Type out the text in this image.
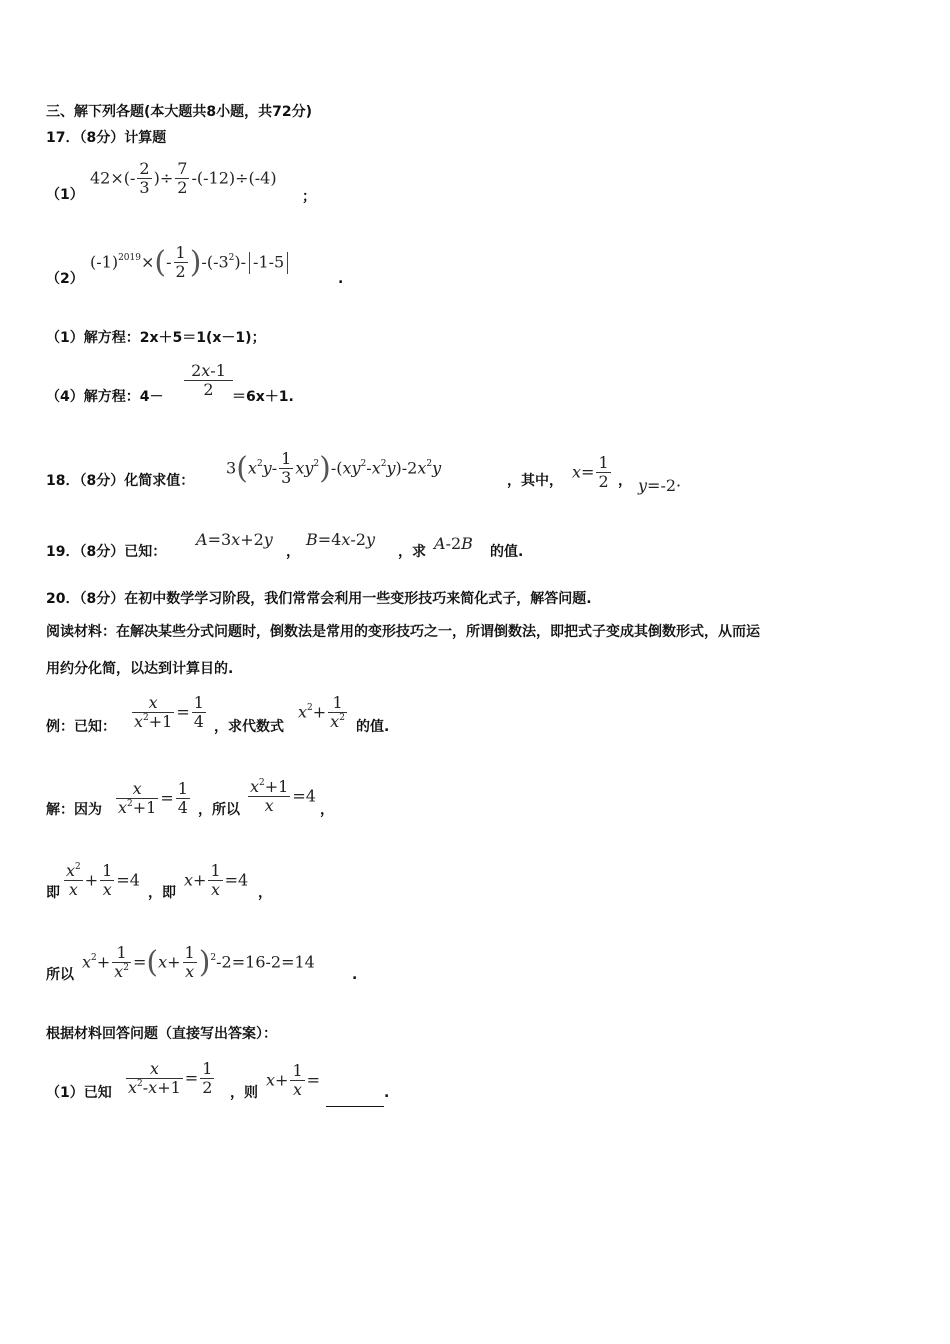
三、解下列各题(本大题共8小题，共72分)
17．（8分）计算题
（1）
$42\times(- \frac{2}{3}$ )÷ $\frac{7}{2} -(-12)\div(-4)$
；
（2）
$(-1)^{2019}\times(- \frac{1}{2} )-(-3^2)-$ -1-5
.
（1）解方程：2x＋5＝1(x－1)；
（4）解方程：$4- \frac{2x-1}{2} =6x+1$.
18．（8分）化简求值：
$3(x^2y- \frac{1}{3} xy^2)-(xy^2-x^2y)-2x^2y$
，其中， $x= \frac{1}{2}$ ， y=-2·
19．（8分）已知：
A=3x+2y
，
B=4x-2y
，求 A-2B 的值.
20．（8分）在初中数学学习阶段，我们常常会利用一些变形技巧来简化式子，解答问题.
阅读材料：在解决某些分式问题时，倒数法是常用的变形技巧之一，所谓倒数法，即把式子变成其倒数形式，从而运
用约分化简，以达到计算目的.
例：已知： $\frac{x}{x^2+1} = \frac{1}{4}$ ，求代数式
$x^2+ \frac{1}{x^2}$ 的值.
解：因为 $\frac{x}{x^2+1} = \frac{1}{4}$ ，所以 $\frac{x^2+1}{x} =4$
，
即 $\frac{x^2}{x} + \frac{1}{x} =4$
，即
$x+ \frac{1}{x} =4$
，
所以
$x^2+ \frac{1}{x^2} =(x+ \frac{1}{x} )^2-2=16-2=14$
.
根据材料回答问题（直接写出答案）：
（1）已知 $\frac{x}{x^2-x+1} = \frac{1}{2}$ ，则
$x+ \frac{1}{x}$ =
.
